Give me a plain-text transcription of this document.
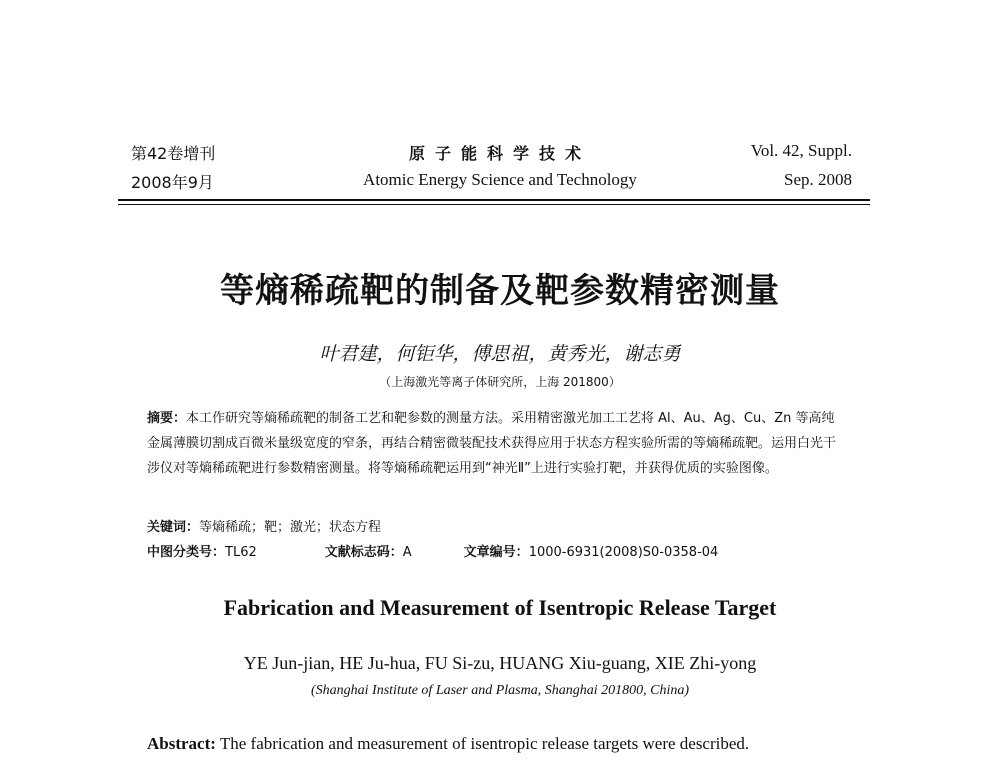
第42卷增刊
2008年9月
原子能科学技术
Atomic Energy Science and Technology
Vol. 42, Suppl.
Sep. 2008
等熵稀疏靶的制备及靶参数精密测量
叶君建，何钜华，傅思祖，黄秀光，谢志勇
（上海激光等离子体研究所，上海 201800）
摘要：本工作研究等熵稀疏靶的制备工艺和靶参数的测量方法。采用精密激光加工工艺将 Al、Au、Ag、Cu、Zn 等高纯金属薄膜切割成百微米量级宽度的窄条，再结合精密微装配技术获得应用于状态方程实验所需的等熵稀疏靶。运用白光干涉仪对等熵稀疏靶进行参数精密测量。将等熵稀疏靶运用到“神光Ⅱ”上进行实验打靶，并获得优质的实验图像。
关键词：等熵稀疏；靶；激光；状态方程
中图分类号：TL62	文献标志码：A	文章编号：1000-6931(2008)S0-0358-04
Fabrication and Measurement of Isentropic Release Target
YE Jun-jian, HE Ju-hua, FU Si-zu, HUANG Xiu-guang, XIE Zhi-yong
(Shanghai Institute of Laser and Plasma, Shanghai 201800, China)
Abstract: The fabrication and measurement of isentropic release targets were described.
